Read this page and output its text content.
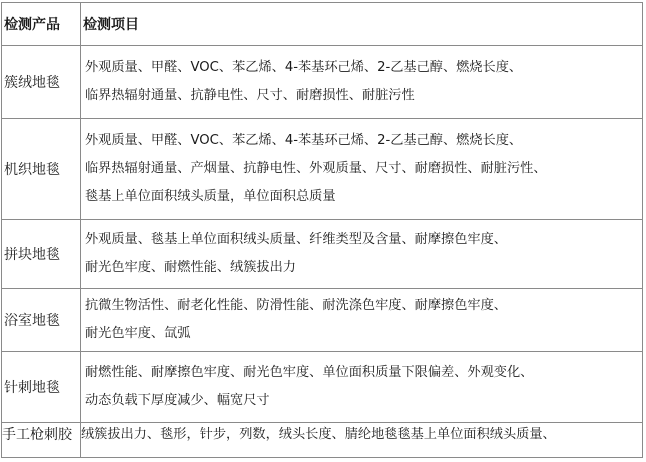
检测产品	检测项目
簇绒地毯	外观质量、甲醛、VOC、苯乙烯、4-苯基环己烯、2-乙基己醇、燃烧长度、
临界热辐射通量、抗静电性、尺寸、耐磨损性、耐脏污性

机织地毯	外观质量、甲醛、VOC、苯乙烯、4-苯基环己烯、2-乙基己醇、燃烧长度、
临界热辐射通量、产烟量、抗静电性、外观质量、尺寸、耐磨损性、耐脏污性、
毯基上单位面积绒头质量，单位面积总质量

拼块地毯	外观质量、毯基上单位面积绒头质量、纤维类型及含量、耐摩擦色牢度、
耐光色牢度、耐燃性能、绒簇拔出力

浴室地毯	抗微生物活性、耐老化性能、防滑性能、耐洗涤色牢度、耐摩擦色牢度、
耐光色牢度、氙弧

针刺地毯	耐燃性能、耐摩擦色牢度、耐光色牢度、单位面积质量下限偏差、外观变化、
动态负载下厚度减少、幅宽尺寸

手工枪刺胶	绒簇拔出力、毯形，针步，列数，绒头长度、腈纶地毯毯基上单位面积绒头质量、
